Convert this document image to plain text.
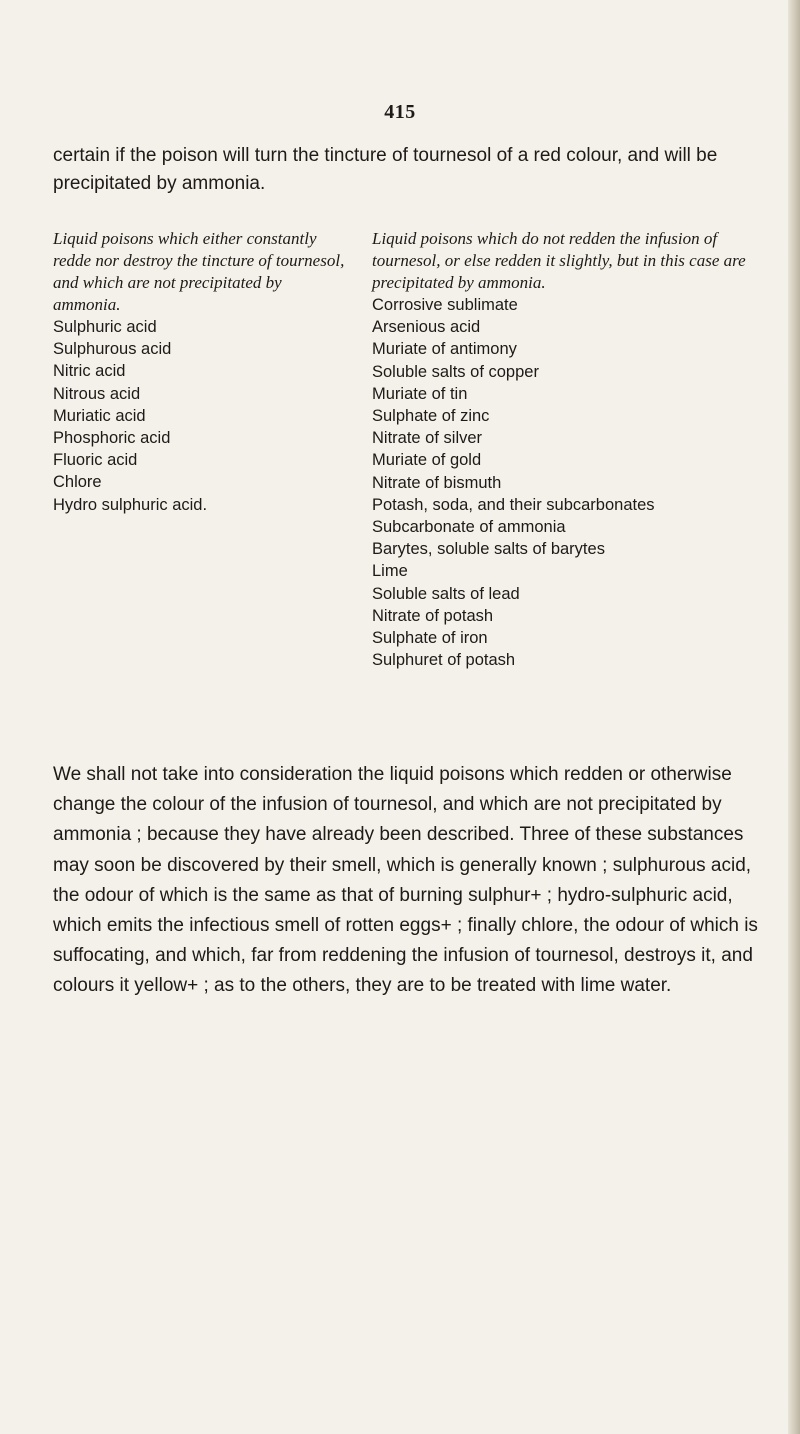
415

certain if the poison will turn the tincture of tournesol of a red colour, and will be precipitated by ammonia.

Liquid poisons which either constantly redde nor destroy the tincture of tournesol, and which are not precipitated by ammonia.
Sulphuric acid
Sulphurous acid
Nitric acid
Nitrous acid
Muriatic acid
Phosphoric acid
Fluoric acid
Chlore
Hydro sulphuric acid.
Liquid poisons which do not redden the infusion of tournesol, or else redden it slightly, but in this case are precipitated by ammonia.
Corrosive sublimate
Arsenious acid
Muriate of antimony
Soluble salts of copper
Muriate of tin
Sulphate of zinc
Nitrate of silver
Muriate of gold
Nitrate of bismuth
Potash, soda, and their subcarbonates
Subcarbonate of ammonia
Barytes, soluble salts of barytes
Lime
Soluble salts of lead
Nitrate of potash
Sulphate of iron
Sulphuret of potash

We shall not take into consideration the liquid poisons which redden or otherwise change the colour of the infusion of tournesol, and which are not precipitated by ammonia ; because they have already been described. Three of these substances may soon be discovered by their smell, which is generally known ; sulphurous acid, the odour of which is the same as that of burning sulphur+ ; hydro-sulphuric acid, which emits the infectious smell of rotten eggs+ ; finally chlore, the odour of which is suffocating, and which, far from reddening the infusion of tournesol, destroys it, and colours it yellow+ ; as to the others, they are to be treated with lime water.
